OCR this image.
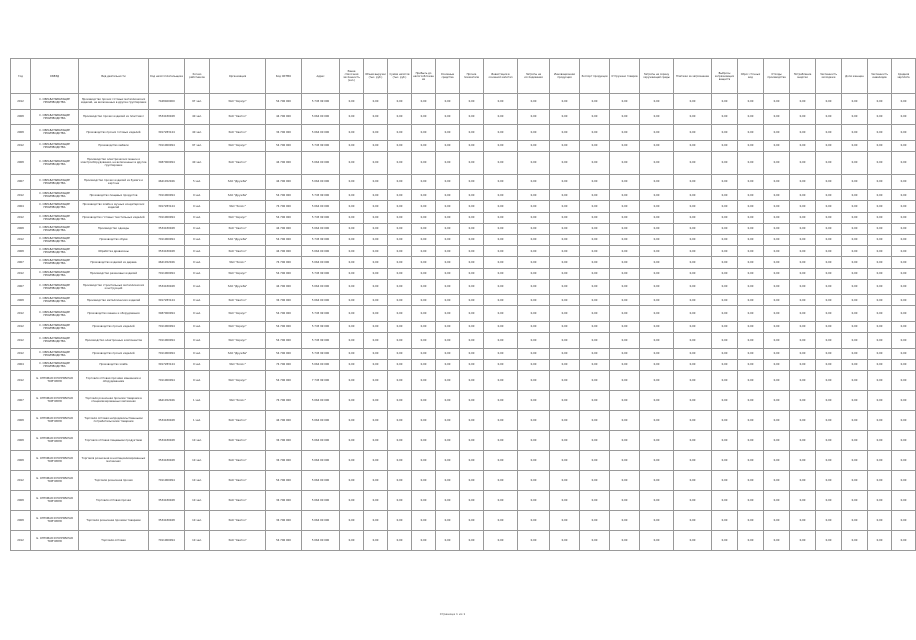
Год	ОКВЭД	Вид деятельности	Код налогоплательщика	Кол-во работников	Организация	Код ОКТМО	Адрес	Ранее списочная численность (чел.)	Объем выручки (тыс. руб.)	Сумма налогов (тыс. руб.)	Прибыль до налогообложения	Основные средства	Прочие показатели	Инвестиции в основной капитал	Затраты на исследования	Инновационная продукция	Экспорт продукции	Отгружено товаров	Затраты на охрану окружающей среды	Платежи за загрязнение	Выбросы загрязняющих веществ	Сброс сточных вод	Отходы производства	Потребление энергии	Численность молодежи	Доля женщин	Численность инвалидов	Средняя зарплата
2012	С. ОБРАБАТЫВАЮЩИЕ ПРОИЗВОДСТВА	Производство прочих готовых металлических изделий, не включенных в другие группировки	7448400000	97 чел.	ЗАО "Сириус"	54 706 000	5 745 99 000	0,00	0,00	0,00	0,00	0,00	0,00	0,00	0,00	0,00	0,00	0,00	0,00	0,00	0,00	0,00	0,00	0,00	0,00	0,00	0,00	0,00
2008	С. ОБРАБАТЫВАЮЩИЕ ПРОИЗВОДСТВА	Производство прочих изделий из пластмасс	3534430048	40 чел.	ЗАО "Светоч"	44 706 000	5 064 00 000	0,00	0,00	0,00	0,00	0,00	0,00	0,00	0,00	0,00	0,00	0,00	0,00	0,00	0,00	0,00	0,00	0,00	0,00	0,00	0,00	0,00
2008	С. ОБРАБАТЫВАЮЩИЕ ПРОИЗВОДСТВА	Производство прочих готовых изделий	3917283144	40 чел.	ЗАО "Светоч"	34 706 000	5 064 00 000	0,00	0,00	0,00	0,00	0,00	0,00	0,00	0,00	0,00	0,00	0,00	0,00	0,00	0,00	0,00	0,00	0,00	0,00	0,00	0,00	0,00
2012	С. ОБРАБАТЫВАЮЩИЕ ПРОИЗВОДСТВА	Производство мебели	7011900094	97 чел.	ЗАО "Сириус"	54 706 000	5 745 99 000	0,00	0,00	0,00	0,00	0,00	0,00	0,00	0,00	0,00	0,00	0,00	0,00	0,00	0,00	0,00	0,00	0,00	0,00	0,00	0,00	0,00
2008	С. ОБРАБАТЫВАЮЩИЕ ПРОИЗВОДСТВА	Производство электрических машин и электрооборудования, не включенных в другие группировки	3487000094	40 чел.	ЗАО "Светоч"	44 706 000	5 064 00 000	0,00	0,00	0,00	0,00	0,00	0,00	0,00	0,00	0,00	0,00	0,00	0,00	0,00	0,00	0,00	0,00	0,00	0,00	0,00	0,00	0,00
2007	С. ОБРАБАТЫВАЮЩИЕ ПРОИЗВОДСТВА	Производство прочих изделий из бумаги и картона	4641452046	5 чел.	ЗАО "Дружба"	44 706 000	5 064 00 000	0,00	0,00	0,00	0,00	0,00	0,00	0,00	0,00	0,00	0,00	0,00	0,00	0,00	0,00	0,00	0,00	0,00	0,00	0,00	0,00	0,00
2012	С. ОБРАБАТЫВАЮЩИЕ ПРОИЗВОДСТВА	Производство пищевых продуктов	7011900094	9 чел.	ЗАО "Дружба"	54 706 000	5 745 99 000	0,00	0,00	0,00	0,00	0,00	0,00	0,00	0,00	0,00	0,00	0,00	0,00	0,00	0,00	0,00	0,00	0,00	0,00	0,00	0,00	0,00
2004	С. ОБРАБАТЫВАЮЩИЕ ПРОИЗВОДСТВА	Производство хлеба и мучных кондитерских изделий	3917283144	9 чел.	ЗАО "Колос"	74 706 000	5 064 00 000	0,00	0,00	0,00	0,00	0,00	0,00	0,00	0,00	0,00	0,00	0,00	0,00	0,00	0,00	0,00	0,00	0,00	0,00	0,00	0,00	0,00
2012	С. ОБРАБАТЫВАЮЩИЕ ПРОИЗВОДСТВА	Производство готовых текстильных изделий	7011900094	9 чел.	ЗАО "Сириус"	54 706 000	5 745 99 000	0,00	0,00	0,00	0,00	0,00	0,00	0,00	0,00	0,00	0,00	0,00	0,00	0,00	0,00	0,00	0,00	0,00	0,00	0,00	0,00	0,00
2008	С. ОБРАБАТЫВАЮЩИЕ ПРОИЗВОДСТВА	Производство одежды	3534430048	9 чел.	ЗАО "Светоч"	44 706 000	5 064 00 000	0,00	0,00	0,00	0,00	0,00	0,00	0,00	0,00	0,00	0,00	0,00	0,00	0,00	0,00	0,00	0,00	0,00	0,00	0,00	0,00	0,00
2012	С. ОБРАБАТЫВАЮЩИЕ ПРОИЗВОДСТВА	Производство обуви	7011900094	9 чел.	ЗАО "Дружба"	54 706 000	5 745 99 000	0,00	0,00	0,00	0,00	0,00	0,00	0,00	0,00	0,00	0,00	0,00	0,00	0,00	0,00	0,00	0,00	0,00	0,00	0,00	0,00	0,00
2008	С. ОБРАБАТЫВАЮЩИЕ ПРОИЗВОДСТВА	Обработка древесины	3534430048	9 чел.	ЗАО "Светоч"	44 706 000	5 064 00 000	0,00	0,00	0,00	0,00	0,00	0,00	0,00	0,00	0,00	0,00	0,00	0,00	0,00	0,00	0,00	0,00	0,00	0,00	0,00	0,00	0,00
2007	С. ОБРАБАТЫВАЮЩИЕ ПРОИЗВОДСТВА	Производство изделий из дерева	4641452046	9 чел.	ЗАО "Колос"	74 706 000	5 064 00 000	0,00	0,00	0,00	0,00	0,00	0,00	0,00	0,00	0,00	0,00	0,00	0,00	0,00	0,00	0,00	0,00	0,00	0,00	0,00	0,00	0,00
2012	С. ОБРАБАТЫВАЮЩИЕ ПРОИЗВОДСТВА	Производство резиновых изделий	7011900094	9 чел.	ЗАО "Сириус"	54 706 000	5 745 99 000	0,00	0,00	0,00	0,00	0,00	0,00	0,00	0,00	0,00	0,00	0,00	0,00	0,00	0,00	0,00	0,00	0,00	0,00	0,00	0,00	0,00
2007	С. ОБРАБАТЫВАЮЩИЕ ПРОИЗВОДСТВА	Производство строительных металлических конструкций	3534430048	9 чел.	ЗАО "Дружба"	44 706 000	5 064 00 000	0,00	0,00	0,00	0,00	0,00	0,00	0,00	0,00	0,00	0,00	0,00	0,00	0,00	0,00	0,00	0,00	0,00	0,00	0,00	0,00	0,00
2008	С. ОБРАБАТЫВАЮЩИЕ ПРОИЗВОДСТВА	Производство металлических изделий	3917283144	9 чел.	ЗАО "Светоч"	34 706 000	5 064 00 000	0,00	0,00	0,00	0,00	0,00	0,00	0,00	0,00	0,00	0,00	0,00	0,00	0,00	0,00	0,00	0,00	0,00	0,00	0,00	0,00	0,00
2012	С. ОБРАБАТЫВАЮЩИЕ ПРОИЗВОДСТВА	Производство машин и оборудования	3487000094	9 чел.	ЗАО "Сириус"	54 706 000	5 745 99 000	0,00	0,00	0,00	0,00	0,00	0,00	0,00	0,00	0,00	0,00	0,00	0,00	0,00	0,00	0,00	0,00	0,00	0,00	0,00	0,00	0,00
2012	С. ОБРАБАТЫВАЮЩИЕ ПРОИЗВОДСТВА	Производство прочих изделий	7011900094	9 чел.	ЗАО "Сириус"	54 706 000	5 745 99 000	0,00	0,00	0,00	0,00	0,00	0,00	0,00	0,00	0,00	0,00	0,00	0,00	0,00	0,00	0,00	0,00	0,00	0,00	0,00	0,00	0,00
2012	С. ОБРАБАТЫВАЮЩИЕ ПРОИЗВОДСТВА	Производство электронных компонентов	7011900094	9 чел.	ЗАО "Сириус"	54 706 000	5 745 99 000	0,00	0,00	0,00	0,00	0,00	0,00	0,00	0,00	0,00	0,00	0,00	0,00	0,00	0,00	0,00	0,00	0,00	0,00	0,00	0,00	0,00
2012	С. ОБРАБАТЫВАЮЩИЕ ПРОИЗВОДСТВА	Производство прочих изделий	7011900094	9 чел.	ЗАО "Дружба"	54 706 000	5 745 99 000	0,00	0,00	0,00	0,00	0,00	0,00	0,00	0,00	0,00	0,00	0,00	0,00	0,00	0,00	0,00	0,00	0,00	0,00	0,00	0,00	0,00
2004	С. ОБРАБАТЫВАЮЩИЕ ПРОИЗВОДСТВА	Производство хлеба	3917283144	9 чел.	ЗАО "Колос"	74 706 000	5 064 00 000	0,00	0,00	0,00	0,00	0,00	0,00	0,00	0,00	0,00	0,00	0,00	0,00	0,00	0,00	0,00	0,00	0,00	0,00	0,00	0,00	0,00
2012	G. ОПТОВАЯ И РОЗНИЧНАЯ ТОРГОВЛЯ	Торговля оптовая прочими машинами и оборудованием	7011900094	9 чел.	ЗАО "Сириус"	54 706 000	7 745 99 000	0,00	0,00	0,00	0,00	0,00	0,00	0,00	0,00	0,00	0,00	0,00	0,00	0,00	0,00	0,00	0,00	0,00	0,00	0,00	0,00	0,00
2007	G. ОПТОВАЯ И РОЗНИЧНАЯ ТОРГОВЛЯ	Торговля розничная прочими товарами в специализированных магазинах	4641452046	1 чел.	ЗАО "Колос"	74 706 000	5 064 00 000	0,00	0,00	0,00	0,00	0,00	0,00	0,00	0,00	0,00	0,00	0,00	0,00	0,00	0,00	0,00	0,00	0,00	0,00	0,00	0,00	0,00
2008	G. ОПТОВАЯ И РОЗНИЧНАЯ ТОРГОВЛЯ	Торговля оптовая непродовольственными потребительскими товарами	3534430048	1 чел.	ЗАО "Светоч"	44 706 000	5 064 00 000	0,00	0,00	0,00	0,00	0,00	0,00	0,00	0,00	0,00	0,00	0,00	0,00	0,00	0,00	0,00	0,00	0,00	0,00	0,00	0,00	0,00
2008	G. ОПТОВАЯ И РОЗНИЧНАЯ ТОРГОВЛЯ	Торговля оптовая пищевыми продуктами	3534430048	10 чел.	ЗАО "Светоч"	34 706 000	5 064 00 000	0,00	0,00	0,00	0,00	0,00	0,00	0,00	0,00	0,00	0,00	0,00	0,00	0,00	0,00	0,00	0,00	0,00	0,00	0,00	0,00	0,00
2008	G. ОПТОВАЯ И РОЗНИЧНАЯ ТОРГОВЛЯ	Торговля розничная в неспециализированных магазинах	3534430048	10 чел.	ЗАО "Светоч"	34 706 000	5 064 00 000	0,00	0,00	0,00	0,00	0,00	0,00	0,00	0,00	0,00	0,00	0,00	0,00	0,00	0,00	0,00	0,00	0,00	0,00	0,00	0,00	0,00
2012	G. ОПТОВАЯ И РОЗНИЧНАЯ ТОРГОВЛЯ	Торговля розничная прочая	7011900094	10 чел.	ЗАО "Светоч"	54 706 000	5 064 00 000	0,00	0,00	0,00	0,00	0,00	0,00	0,00	0,00	0,00	0,00	0,00	0,00	0,00	0,00	0,00	0,00	0,00	0,00	0,00	0,00	0,00
2008	G. ОПТОВАЯ И РОЗНИЧНАЯ ТОРГОВЛЯ	Торговля оптовая прочая	3534430048	10 чел.	ЗАО "Светоч"	34 706 000	5 064 00 000	0,00	0,00	0,00	0,00	0,00	0,00	0,00	0,00	0,00	0,00	0,00	0,00	0,00	0,00	0,00	0,00	0,00	0,00	0,00	0,00	0,00
2008	G. ОПТОВАЯ И РОЗНИЧНАЯ ТОРГОВЛЯ	Торговля розничная прочими товарами	3534430048	10 чел.	ЗАО "Светоч"	34 706 000	5 064 00 000	0,00	0,00	0,00	0,00	0,00	0,00	0,00	0,00	0,00	0,00	0,00	0,00	0,00	0,00	0,00	0,00	0,00	0,00	0,00	0,00	0,00
2012	G. ОПТОВАЯ И РОЗНИЧНАЯ ТОРГОВЛЯ	Торговля оптовая	7011900094	10 чел.	ЗАО "Светоч"	54 706 000	5 064 00 000	0,00	0,00	0,00	0,00	0,00	0,00	0,00	0,00	0,00	0,00	0,00	0,00	0,00	0,00	0,00	0,00	0,00	0,00	0,00	0,00	0,00
Страница 1 из 1
